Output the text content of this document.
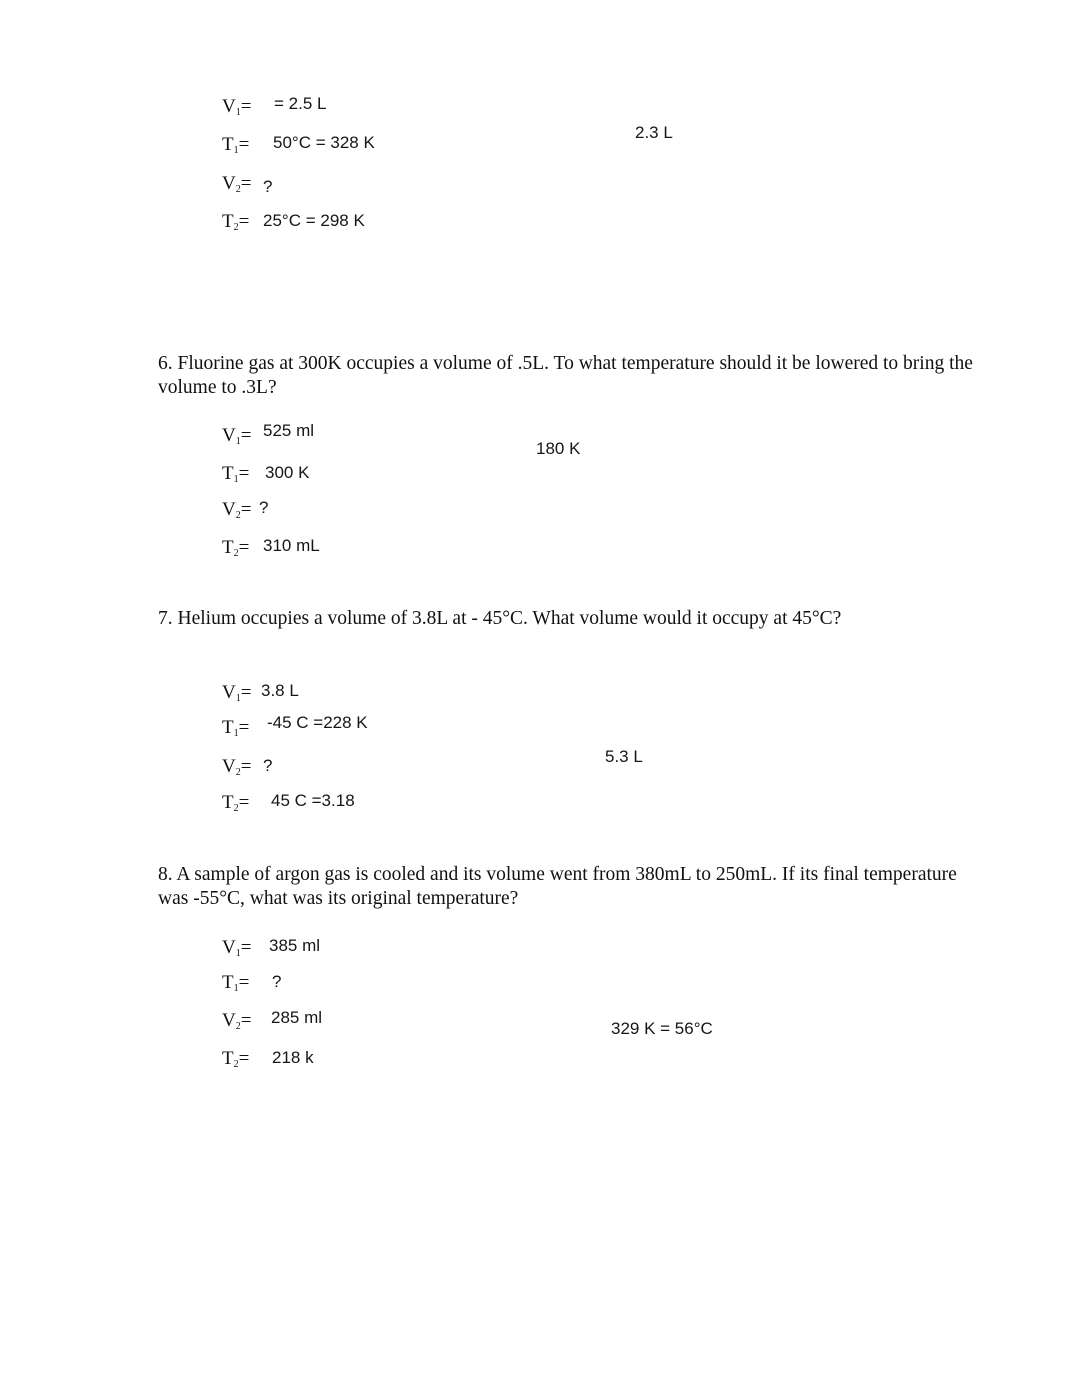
$V_1= = 2.5$ L
$T_1= 50^\circ C = 328$ K
$V_2=$ ?
$T_2= 25^\circ C = 298$ K
2.3 L
6. Fluorine gas at 300K occupies a volume of .5L. To what temperature should it be lowered to bring the volume to .3L?
$V_1= 525$ ml
$T_1= 300$ K
$V_2=$ ?
$T_2= 310$ mL
180 K
7. Helium occupies a volume of 3.8L at - 45°C. What volume would it occupy at 45°C?
$V_1= 3.8$ L
$T_1= -45$ C =228 K
$V_2=$ ?
$T_2= 45$ C =3.18
5.3 L
8. A sample of argon gas is cooled and its volume went from 380mL to 250mL. If its final temperature was -55°C, what was its original temperature?
$V_1= 385$ ml
$T_1=$ ?
$V_2= 285$ ml
$T_2= 218$ k
329 K = 56°C
